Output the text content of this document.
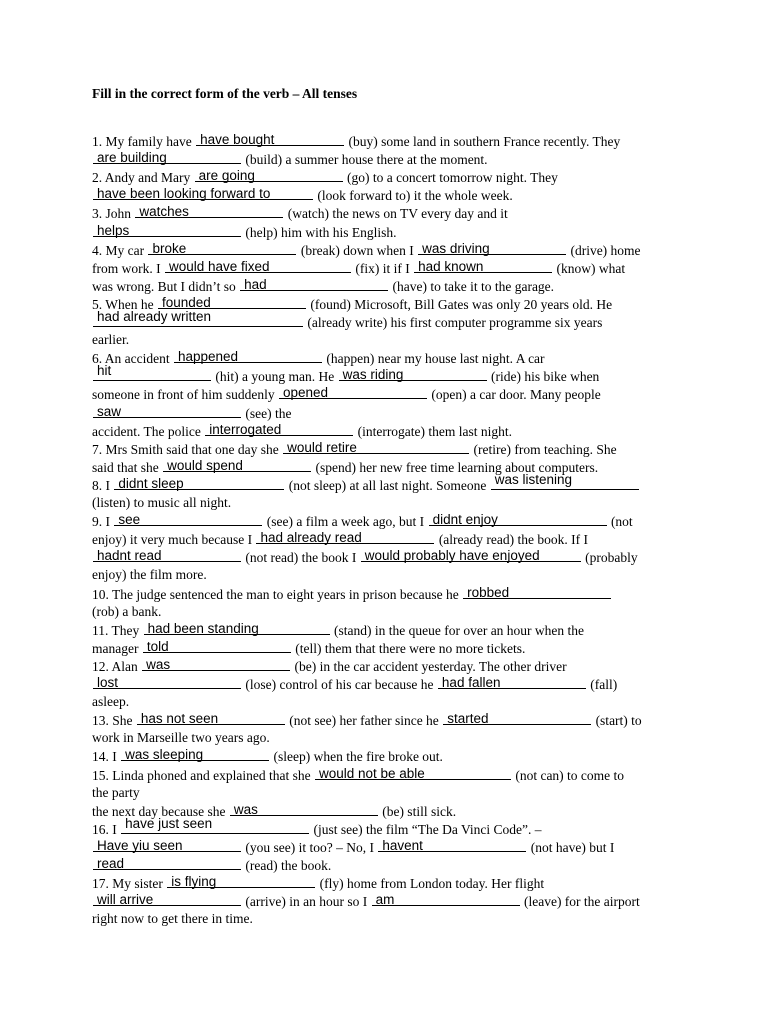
Fill in the correct form of the verb – All tenses
1. My family have have bought	(buy) some land in southern France recently. They
are building	(build) a summer house there at the moment.
2. Andy and Mary are going	(go) to a concert tomorrow night. They
have been looking forward to	(look forward to) it the whole week.
3. John watches	(watch) the news on TV every day and it
helps	(help) him with his English.
4. My car broke	(break) down when I was driving	(drive) home
from work. I would have fixed	(fix) it if I had known	(know) what
was wrong. But I didn’t so had	(have) to take it to the garage.
5. When he founded	(found) Microsoft, Bill Gates was only 20 years old. He
had already written	(already write) his first computer programme six years
earlier.
6. An accident happened	(happen) near my house last night. A car
hit	(hit) a young man. He was riding	(ride) his bike when
someone in front of him suddenly opened	(open) a car door. Many people
saw	(see) the
accident. The police interrogated	(interrogate) them last night.
7. Mrs Smith said that one day she would retire	(retire) from teaching. She
said that she would spend	(spend) her new free time learning about computers.
8. I didnt sleep	(not sleep) at all last night. Someone was listening
(listen) to music all night.
9. I see	(see) a film a week ago, but I didnt enjoy	(not
enjoy) it very much because I had already read	(already read) the book. If I
hadnt read	(not read) the book I would probably have enjoyed	(probably
enjoy) the film more.
10. The judge sentenced the man to eight years in prison because he robbed
(rob) a bank.
11. They had been standing	(stand) in the queue for over an hour when the
manager told	(tell) them that there were no more tickets.
12. Alan was	(be) in the car accident yesterday. The other driver
lost	(lose) control of his car because he had fallen	(fall)
asleep.
13. She has not seen	(not see) her father since he started	(start) to
work in Marseille two years ago.
14. I was sleeping	(sleep) when the fire broke out.
15. Linda phoned and explained that she would not be able	(not can) to come to
the party
the next day because she was	(be) still sick.
16. I have just seen	(just see) the film “The Da Vinci Code”. –
Have yiu seen	(you see) it too? – No, I havent	(not have) but I
read	(read) the book.
17. My sister is flying	(fly) home from London today. Her flight
will arrive	(arrive) in an hour so I am	(leave) for the airport
right now to get there in time.
